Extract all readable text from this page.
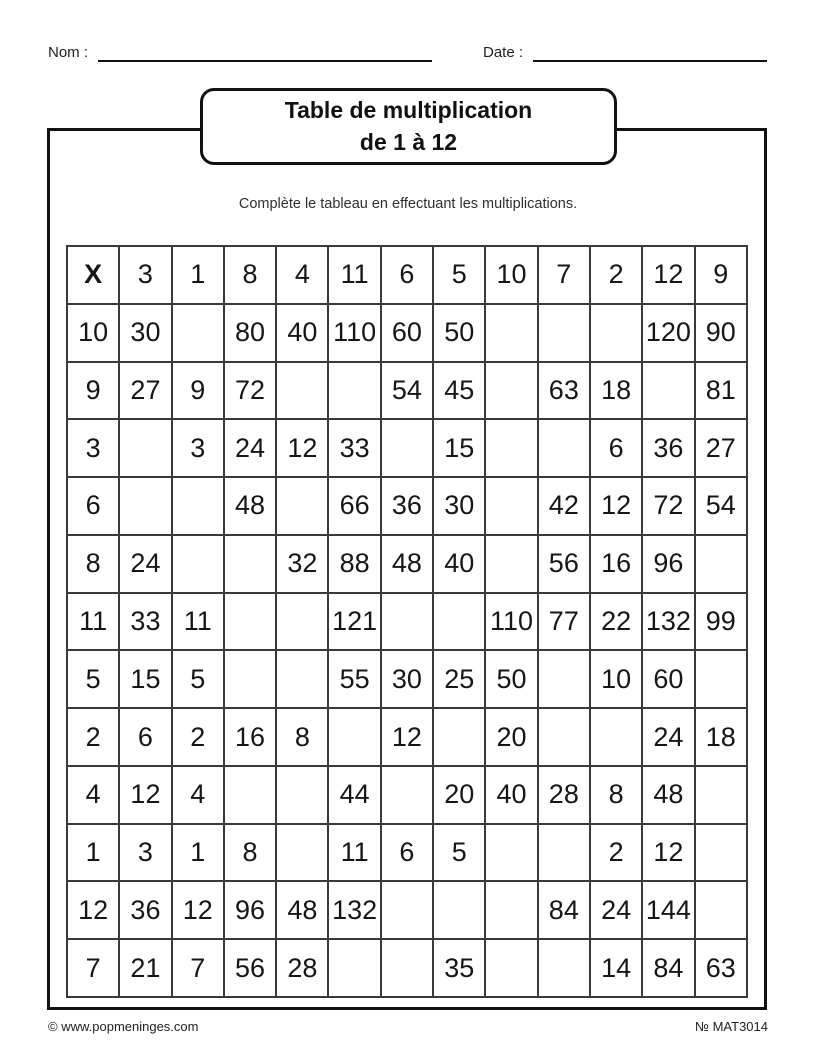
Nom :	Date :
Table de multiplication
de 1 à 12
Complète le tableau en effectuant les multiplications.
X	3	1	8	4	11	6	5	10	7	2	12	9
10	30		80	40	110	60	50				120	90
9	27	9	72			54	45		63	18		81
3		3	24	12	33		15			6	36	27
6			48		66	36	30		42	12	72	54
8	24			32	88	48	40		56	16	96	
11	33	11			121			110	77	22	132	99
5	15	5			55	30	25	50		10	60	
2	6	2	16	8		12		20			24	18
4	12	4			44		20	40	28	8	48	
1	3	1	8		11	6	5			2	12	
12	36	12	96	48	132				84	24	144	
7	21	7	56	28			35			14	84	63
© www.popmeninges.com	№ MAT3014
